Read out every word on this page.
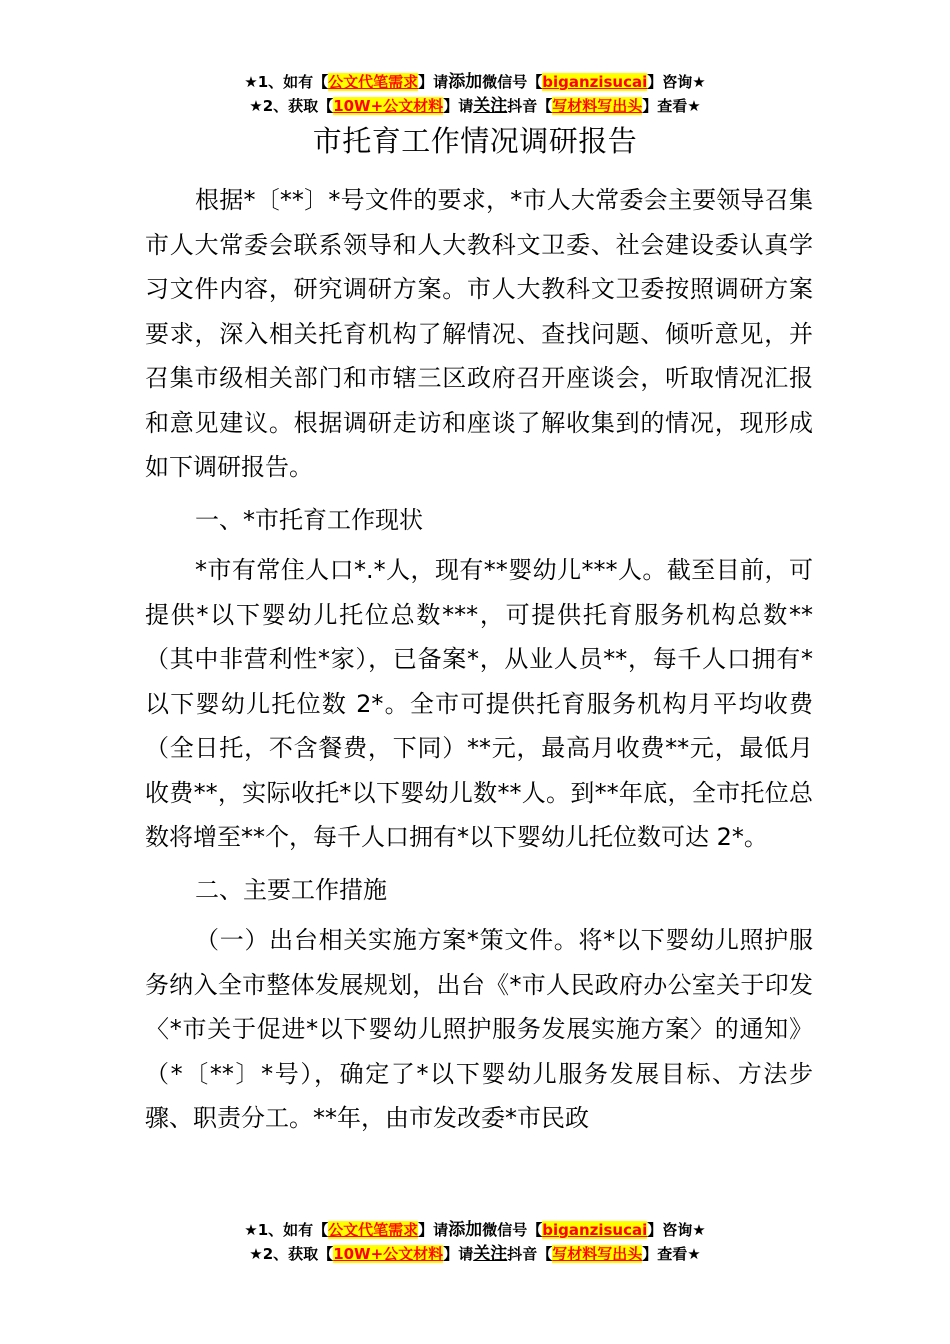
★1、如有【公文代笔需求】请添加微信号【biganzisucai】咨询★
★2、获取【10W+公文材料】请关注抖音【写材料写出头】查看★
市托育工作情况调研报告

根据*〔**〕*号文件的要求，*市人大常委会主要领导召集市人大常委会联系领导和人大教科文卫委、社会建设委认真学习文件内容，研究调研方案。市人大教科文卫委按照调研方案要求，深入相关托育机构了解情况、查找问题、倾听意见，并召集市级相关部门和市辖三区政府召开座谈会，听取情况汇报和意见建议。根据调研走访和座谈了解收集到的情况，现形成如下调研报告。

一、*市托育工作现状

*市有常住人口*.*人，现有**婴幼儿***人。截至目前，可提供*以下婴幼儿托位总数***，可提供托育服务机构总数**（其中非营利性*家），已备案*，从业人员**，每千人口拥有*以下婴幼儿托位数 2*。全市可提供托育服务机构月平均收费（全日托，不含餐费，下同）**元，最高月收费**元，最低月收费**，实际收托*以下婴幼儿数**人。到**年底，全市托位总数将增至**个，每千人口拥有*以下婴幼儿托位数可达 2*。

二、主要工作措施

（一）出台相关实施方案*策文件。将*以下婴幼儿照护服务纳入全市整体发展规划，出台《*市人民政府办公室关于印发〈*市关于促进*以下婴幼儿照护服务发展实施方案〉的通知》（*〔**〕*号），确定了*以下婴幼儿服务发展目标、方法步骤、职责分工。**年，由市发改委*市民政

★1、如有【公文代笔需求】请添加微信号【biganzisucai】咨询★
★2、获取【10W+公文材料】请关注抖音【写材料写出头】查看★
